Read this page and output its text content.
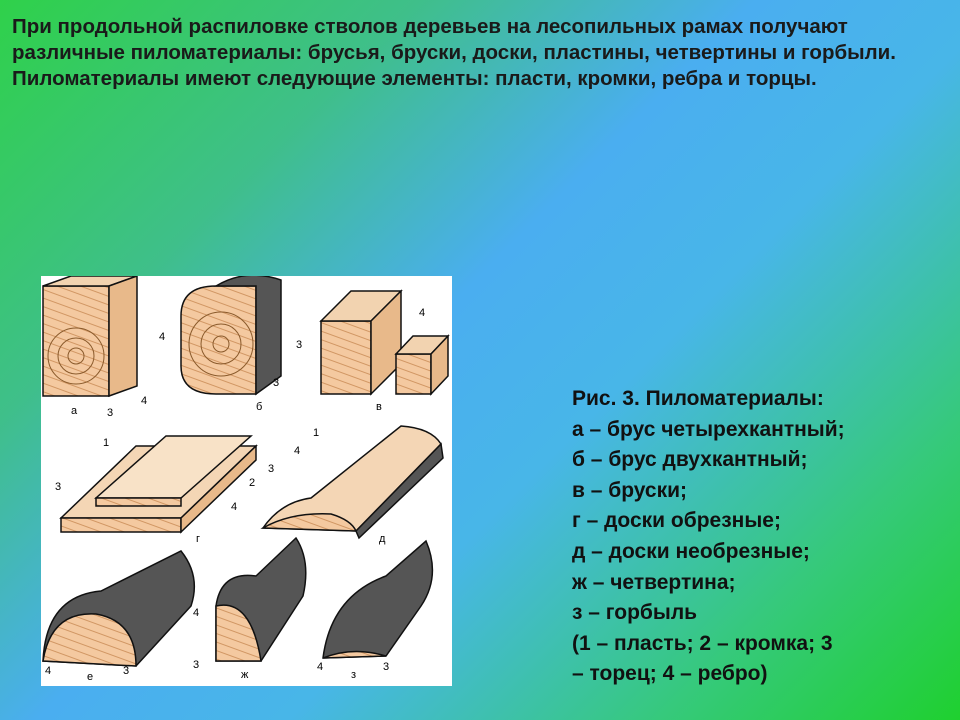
При продольной распиловке стволов деревьев на лесопильных рамах получают

различные пиломатериалы: брусья, бруски, доски, пластины, четвертины и горбыли.

Пиломатериалы имеют следующие элементы: пласти, кромки, ребра и торцы.

а	3
4
4
3
б
4
3
в
1
2
3
4
г
1
3
4
д
4	3
е
4
3
ж
4	3
з
Рис. 3. Пиломатериалы:
а – брус четырехкантный;
б – брус двухкантный;
в – бруски;
г – доски обрезные;
д – доски необрезные;
ж – четвертина;
з – горбыль
(1 – пласть; 2 – кромка; 3
– торец; 4 – ребро)
